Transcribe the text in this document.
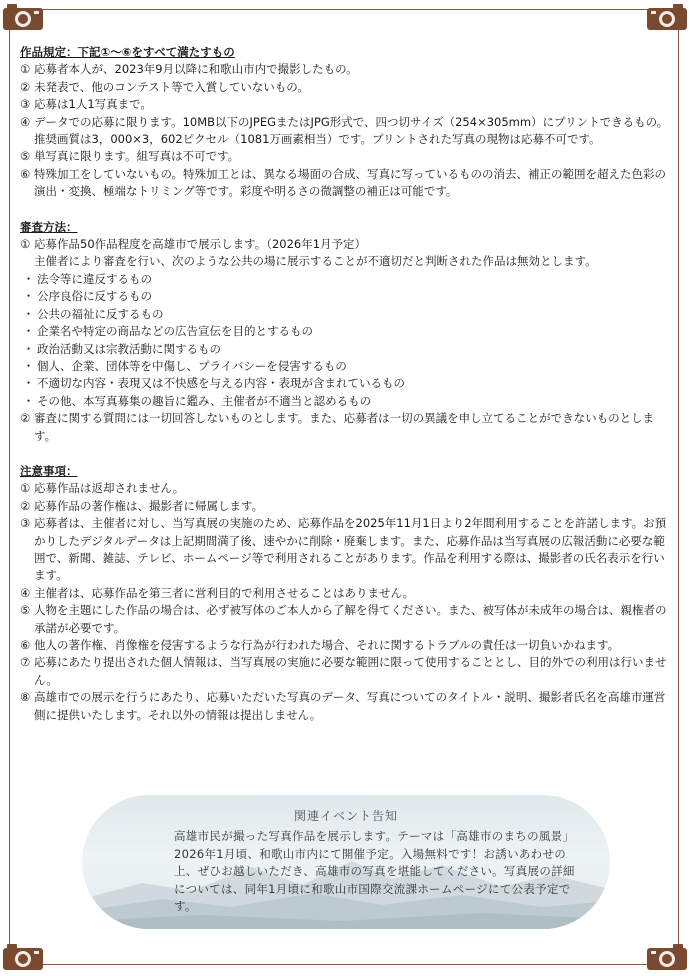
作品規定：下記①～⑥をすべて満たすもの
① 応募者本人が、2023年9月以降に和歌山市内で撮影したもの。
② 未発表で、他のコンテスト等で入賞していないもの。
③ 応募は1人1写真まで。
④ データでの応募に限ります。10MB以下のJPEGまたはJPG形式で、四つ切サイズ（254×305mm）にプリントできるもの。推奨画質は3，000×3，602ピクセル（1081万画素相当）です。プリントされた写真の現物は応募不可です。
⑤ 単写真に限ります。組写真は不可です。
⑥ 特殊加工をしていないもの。特殊加工とは、異なる場面の合成、写真に写っているものの消去、補正の範囲を超えた色彩の演出・変換、極端なトリミング等です。彩度や明るさの微調整の補正は可能です。
審査方法：
① 応募作品50作品程度を高雄市で展示します。（2026年1月予定）
主催者により審査を行い、次のような公共の場に展示することが不適切だと判断された作品は無効とします。
・ 法令等に違反するもの
・ 公序良俗に反するもの
・ 公共の福祉に反するもの
・ 企業名や特定の商品などの広告宣伝を目的とするもの
・ 政治活動又は宗教活動に関するもの
・ 個人、企業、団体等を中傷し、プライバシーを侵害するもの
・ 不適切な内容・表現又は不快感を与える内容・表現が含まれているもの
・ その他、本写真募集の趣旨に鑑み、主催者が不適当と認めるもの
② 審査に関する質問には一切回答しないものとします。また、応募者は一切の異議を申し立てることができないものとします。
注意事項：
① 応募作品は返却されません。
② 応募作品の著作権は、撮影者に帰属します。
③ 応募者は、主催者に対し、当写真展の実施のため、応募作品を2025年11月1日より2年間利用することを許諾します。お預かりしたデジタルデータは上記期間満了後、速やかに削除・廃棄します。また、応募作品は当写真展の広報活動に必要な範囲で、新聞、雑誌、テレビ、ホームページ等で利用されることがあります。作品を利用する際は、撮影者の氏名表示を行います。
④ 主催者は、応募作品を第三者に営利目的で利用させることはありません。
⑤ 人物を主題にした作品の場合は、必ず被写体のご本人から了解を得てください。また、被写体が未成年の場合は、親権者の承諾が必要です。
⑥ 他人の著作権、肖像権を侵害するような行為が行われた場合、それに関するトラブルの責任は一切負いかねます。
⑦ 応募にあたり提出された個人情報は、当写真展の実施に必要な範囲に限って使用することとし、目的外での利用は行いません。
⑧ 高雄市での展示を行うにあたり、応募いただいた写真のデータ、写真についてのタイトル・説明、撮影者氏名を高雄市運営側に提供いたします。それ以外の情報は提出しません。
関連イベント告知
高雄市民が撮った写真作品を展示します。テーマは「高雄市のまちの風景」2026年1月頃、和歌山市内にて開催予定。入場無料です！お誘いあわせの上、ぜひお越しいただき、高雄市の写真を堪能してください。写真展の詳細については、同年1月頃に和歌山市国際交流課ホームページにて公表予定です。
